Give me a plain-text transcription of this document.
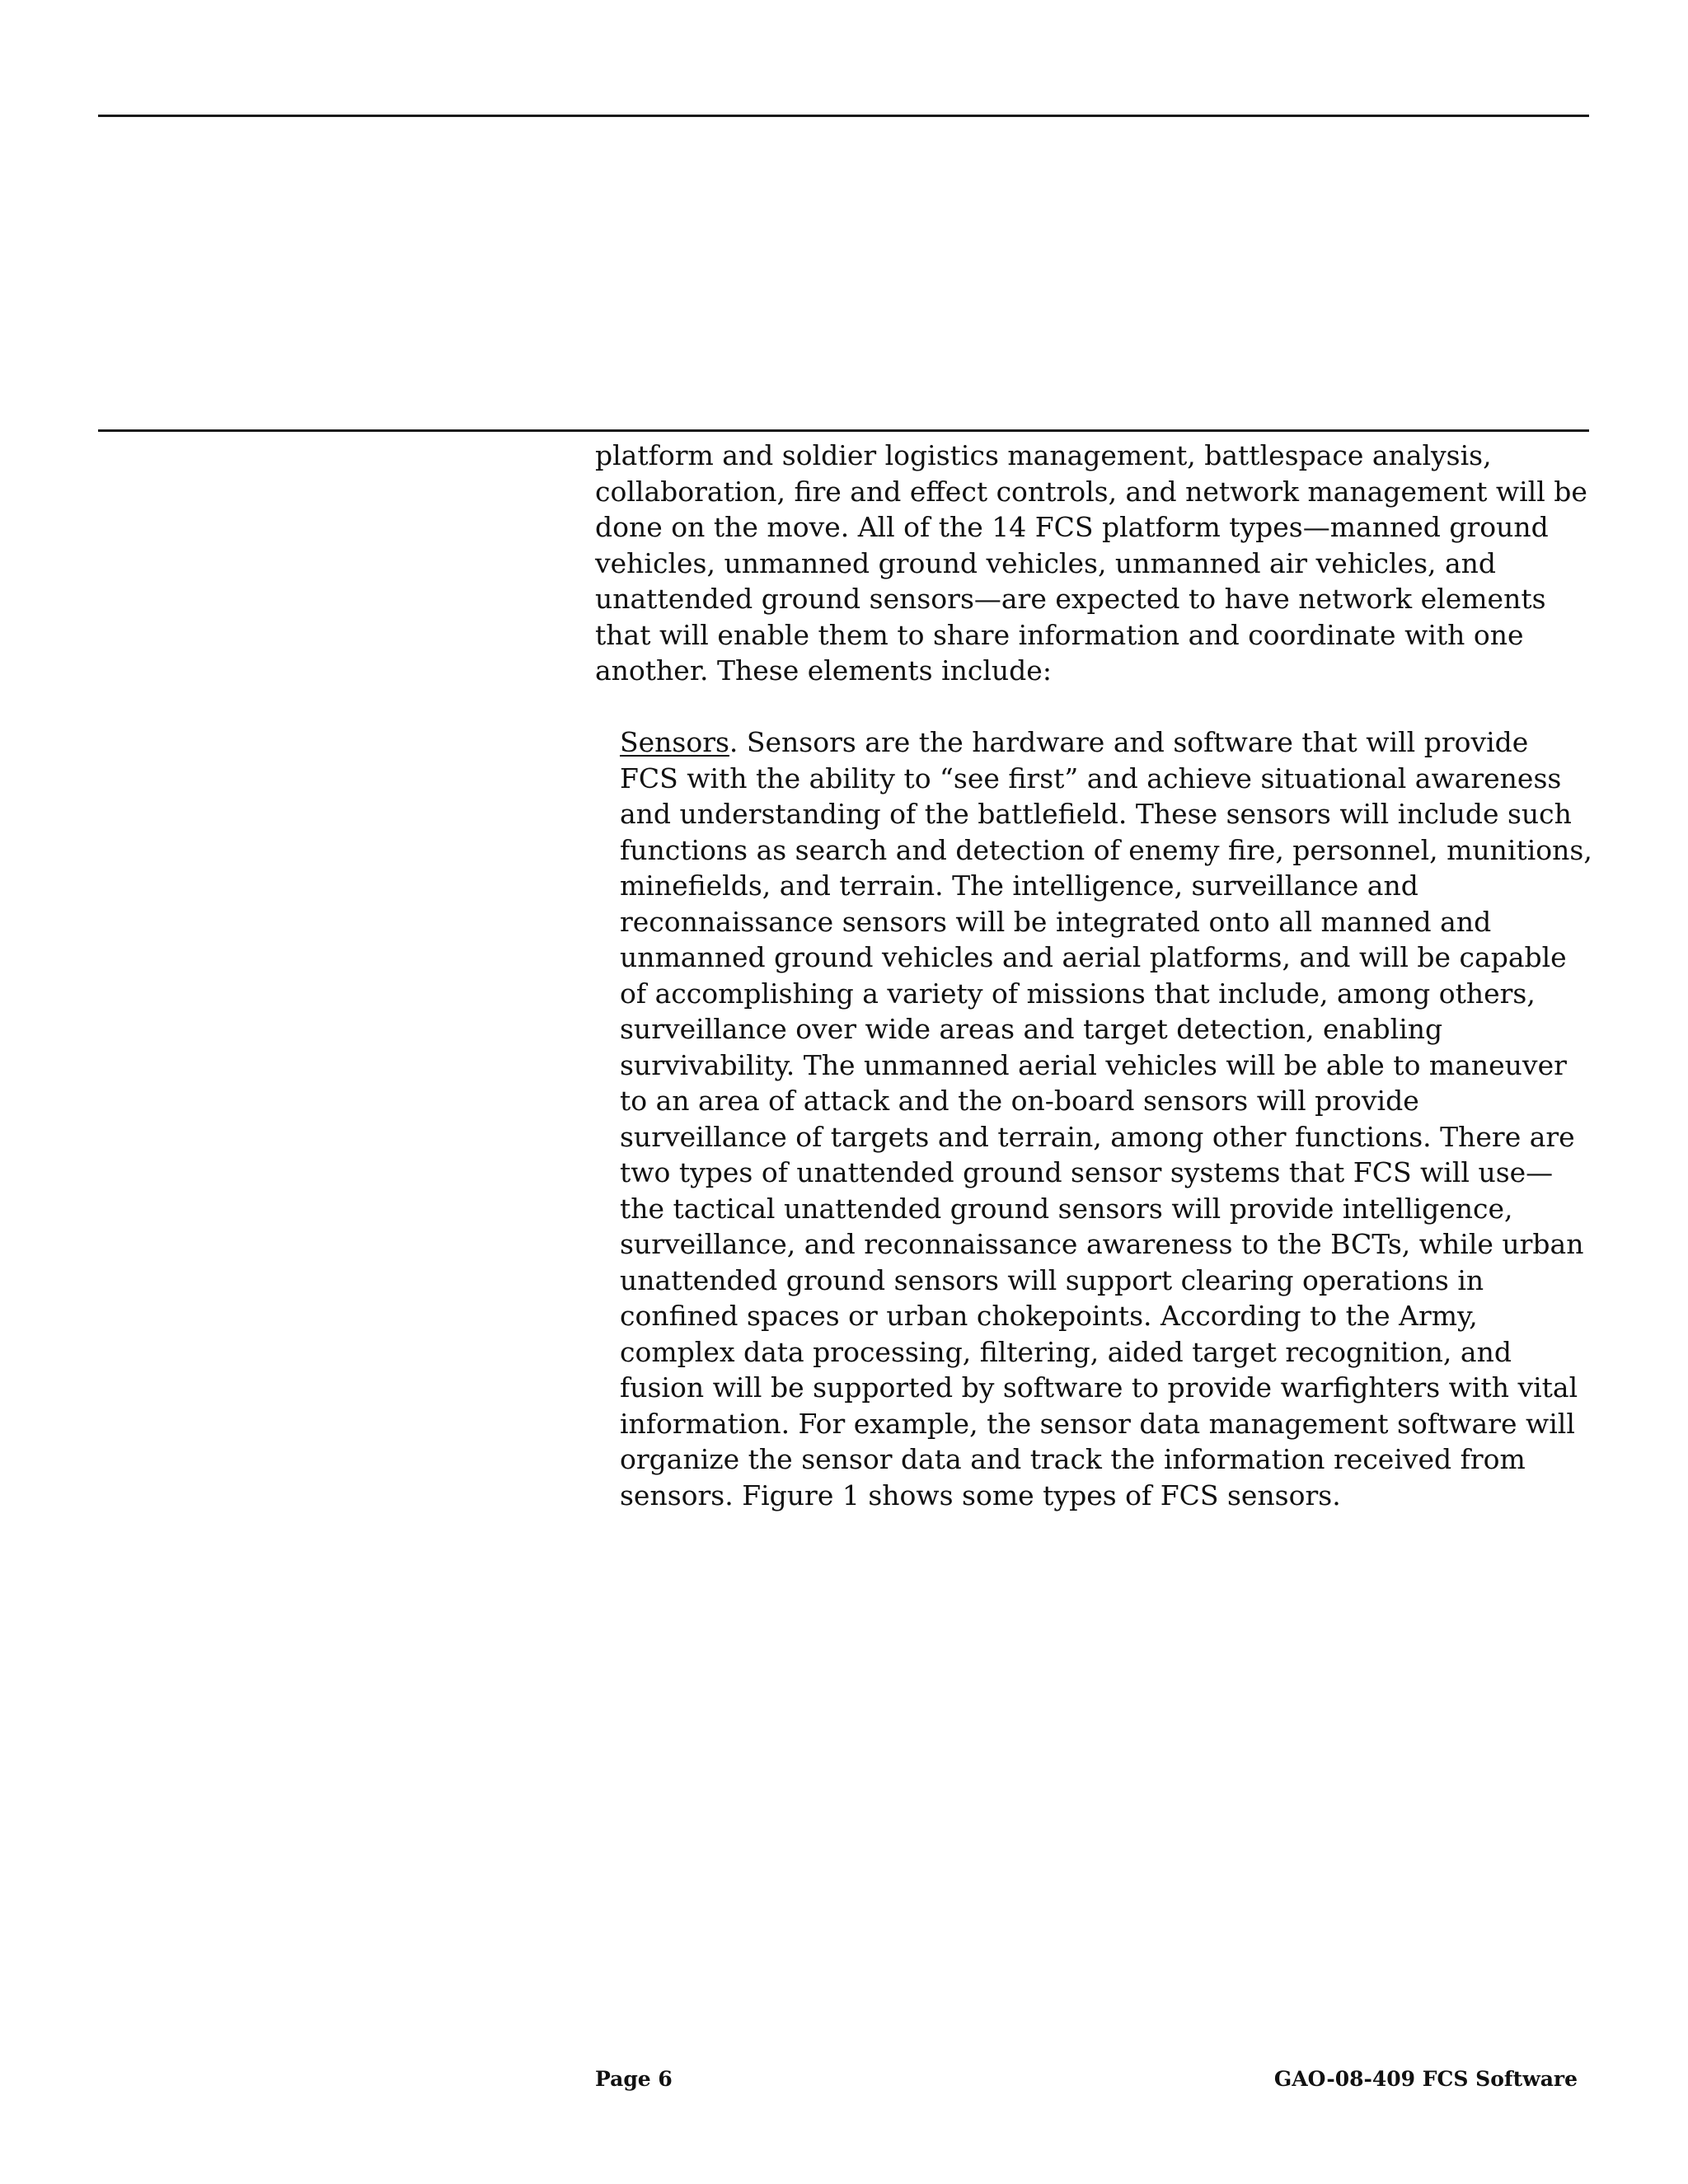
platform and soldier logistics management, battlespace analysis, collaboration, fire and effect controls, and network management will be done on the move. All of the 14 FCS platform types—manned ground vehicles, unmanned ground vehicles, unmanned air vehicles, and unattended ground sensors—are expected to have network elements that will enable them to share information and coordinate with one another. These elements include:

Sensors. Sensors are the hardware and software that will provide FCS with the ability to “see first” and achieve situational awareness and understanding of the battlefield. These sensors will include such functions as search and detection of enemy fire, personnel, munitions, minefields, and terrain. The intelligence, surveillance and reconnaissance sensors will be integrated onto all manned and unmanned ground vehicles and aerial platforms, and will be capable of accomplishing a variety of missions that include, among others, surveillance over wide areas and target detection, enabling survivability. The unmanned aerial vehicles will be able to maneuver to an area of attack and the on-board sensors will provide surveillance of targets and terrain, among other functions. There are two types of unattended ground sensor systems that FCS will use—the tactical unattended ground sensors will provide intelligence, surveillance, and reconnaissance awareness to the BCTs, while urban unattended ground sensors will support clearing operations in confined spaces or urban chokepoints. According to the Army, complex data processing, filtering, aided target recognition, and fusion will be supported by software to provide warfighters with vital information. For example, the sensor data management software will organize the sensor data and track the information received from sensors. Figure 1 shows some types of FCS sensors.

Page 6	GAO-08-409 FCS Software
